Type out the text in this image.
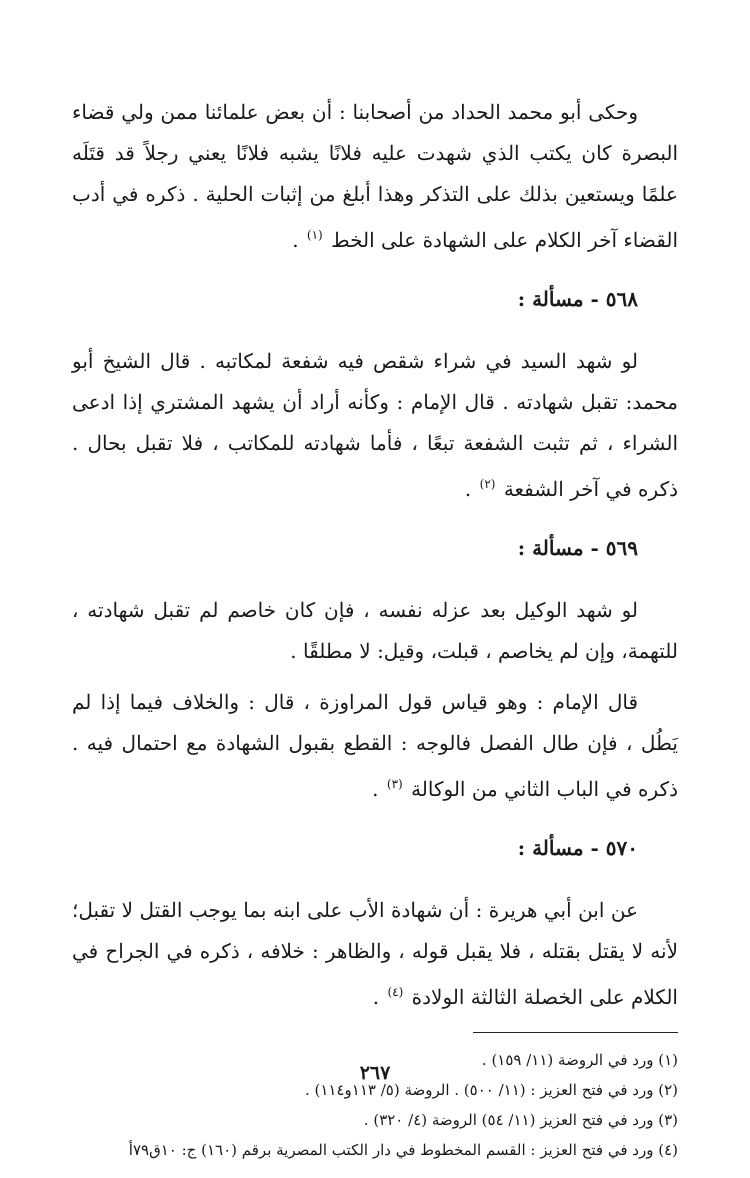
وحكى أبو محمد الحداد من أصحابنا : أن بعض علمائنا ممن ولي قضاء البصرة كان يكتب الذي شهدت عليه فلانًا يشبه فلانًا يعني رجلاً قد قتَلَه علمًا ويستعين بذلك على التذكر وهذا أبلغ من إثبات الحلية . ذكره في أدب القضاء آخر الكلام على الشهادة على الخط $^{(١)}$ .

٥٦٨ - مسألة :

لو شهد السيد في شراء شقص فيه شفعة لمكاتبه . قال الشيخ أبو محمد: تقبل شهادته . قال الإمام : وكأنه أراد أن يشهد المشتري إذا ادعى الشراء ، ثم تثبت الشفعة تبعًا ، فأما شهادته للمكاتب ، فلا تقبل بحال . ذكره في آخر الشفعة $^{(٢)}$ .

٥٦٩ - مسألة :

لو شهد الوكيل بعد عزله نفسه ، فإن كان خاصم لم تقبل شهادته ، للتهمة، وإن لم يخاصم ، قبلت، وقيل: لا مطلقًا .

قال الإمام : وهو قياس قول المراوزة ، قال : والخلاف فيما إذا لم يَطُل ، فإن طال الفصل فالوجه : القطع بقبول الشهادة مع احتمال فيه . ذكره في الباب الثاني من الوكالة $^{(٣)}$ .

٥٧٠ - مسألة :

عن ابن أبي هريرة : أن شهادة الأب على ابنه بما يوجب القتل لا تقبل؛ لأنه لا يقتل بقتله ، فلا يقبل قوله ، والظاهر : خلافه ، ذكره في الجراح في الكلام على الخصلة الثالثة الولادة $^{(٤)}$ .

(١) ورد في الروضة (١١/ ١٥٩) .
(٢) ورد في فتح العزيز : (١١/ ٥٠٠) . الروضة (٥/ ١١٣و١١٤) .
(٣) ورد في فتح العزيز (١١/ ٥٤) الروضة (٤/ ٣٢٠) .
(٤) ورد في فتح العزيز : القسم المخطوط في دار الكتب المصرية برقم (١٦٠) ج: ١٠ق٧٩أ
٢٦٧
